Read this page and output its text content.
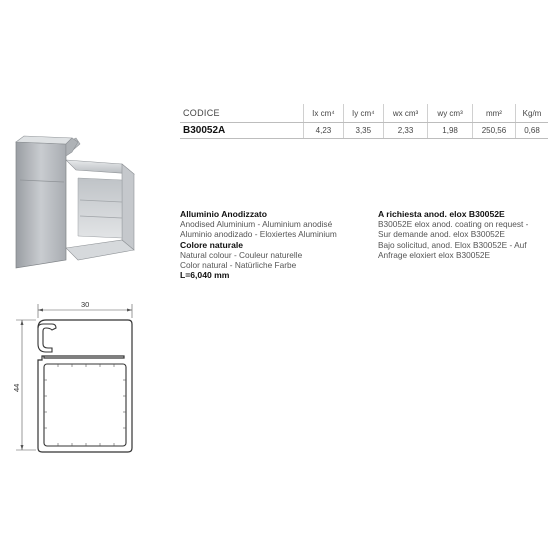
CODICE	Ix cm⁴	Iy cm⁴	wx cm³	wy cm³	mm²	Kg/m
B30052A	4,23	3,35	2,33	1,98	250,56	0,68
Alluminio Anodizzato
Anodised Aluminium - Aluminium anodisé
Aluminio anodizado - Eloxiertes Aluminium
Colore naturale
Natural colour - Couleur naturelle
Color natural - Natürliche Farbe
L=6,040 mm
A richiesta anod. elox B30052E
B30052E elox anod. coating on request -
Sur demande anod. elox B30052E
Bajo solicitud, anod. Elox B30052E - Auf
Anfrage eloxiert elox B30052E
30
44
